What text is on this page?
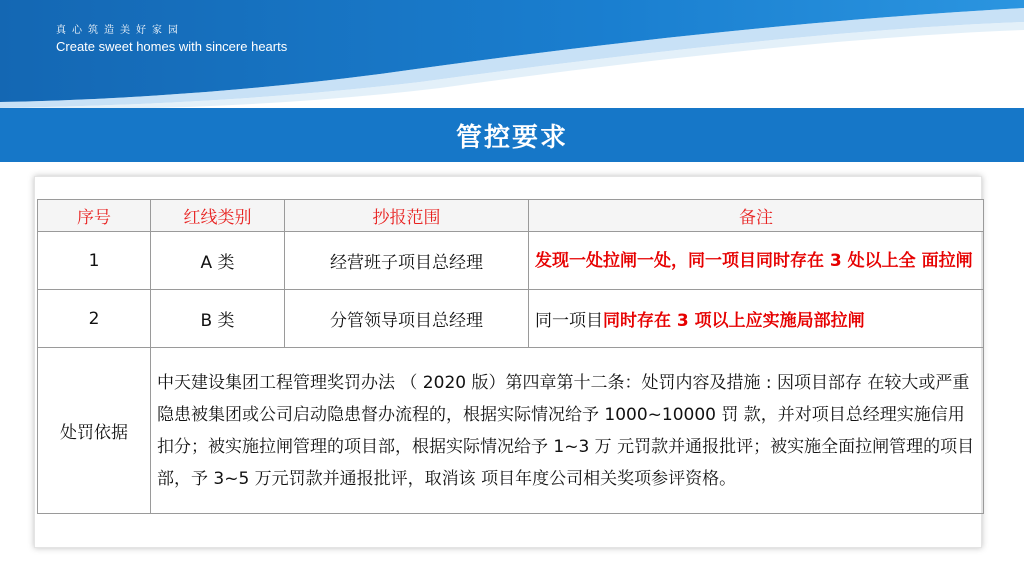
真心筑造美好家园
Create sweet homes with sincere hearts
管控要求
序号	红线类别	抄报范围	备注
1	A 类	经营班子项目总经理	发现一处拉闸一处，同一项目同时存在 3 处以上全 面拉闸
2	B 类	分管领导项目总经理	同一项目同时存在 3 项以上应实施局部拉闸
处罚依据	中天建设集团工程管理奖罚办法 （ 2020 版）第四章第十二条：处罚内容及措施 : 因项目部存 在较大或严重隐患被集团或公司启动隐患督办流程的，根据实际情况给予 1000~10000 罚 款，并对项目总经理实施信用扣分；被实施拉闸管理的项目部，根据实际情况给予 1~3 万 元罚款并通报批评；被实施全面拉闸管理的项目部，予 3~5 万元罚款并通报批评，取消该 项目年度公司相关奖项参评资格。		
